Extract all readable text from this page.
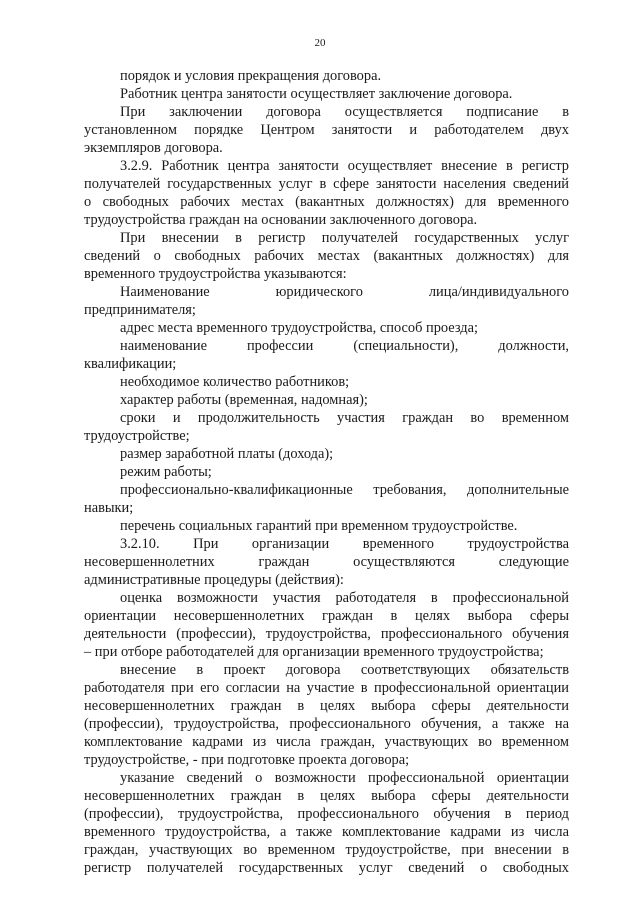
20
порядок и условия прекращения договора.
Работник центра занятости осуществляет заключение договора.
При заключении договора осуществляется подписание в
установленном порядке Центром занятости и работодателем двух
экземпляров договора.
3.2.9. Работник центра занятости осуществляет внесение в регистр
получателей государственных услуг в сфере занятости населения сведений
о свободных рабочих местах (вакантных должностях) для временного
трудоустройства граждан на основании заключенного договора.
При внесении в регистр получателей государственных услуг
сведений о свободных рабочих местах (вакантных должностях) для
временного трудоустройства указываются:
Наименование юридического лица/индивидуального
предпринимателя;
адрес места временного трудоустройства, способ проезда;
наименование профессии (специальности), должности,
квалификации;
необходимое количество работников;
характер работы (временная, надомная);
сроки и продолжительность участия граждан во временном
трудоустройстве;
размер заработной платы (дохода);
режим работы;
профессионально-квалификационные требования, дополнительные
навыки;
перечень социальных гарантий при временном трудоустройстве.
3.2.10. При организации временного трудоустройства
несовершеннолетних граждан осуществляются следующие
административные процедуры (действия):
оценка возможности участия работодателя в профессиональной
ориентации несовершеннолетних граждан в целях выбора сферы
деятельности (профессии), трудоустройства, профессионального обучения
– при отборе работодателей для организации временного трудоустройства;
внесение в проект договора соответствующих обязательств
работодателя при его согласии на участие в профессиональной ориентации
несовершеннолетних граждан в целях выбора сферы деятельности
(профессии), трудоустройства, профессионального обучения, а также на
комплектование кадрами из числа граждан, участвующих во временном
трудоустройстве, - при подготовке проекта договора;
указание сведений о возможности профессиональной ориентации
несовершеннолетних граждан в целях выбора сферы деятельности
(профессии), трудоустройства, профессионального обучения в период
временного трудоустройства, а также комплектование кадрами из числа
граждан, участвующих во временном трудоустройстве, при внесении в
регистр получателей государственных услуг сведений о свободных
